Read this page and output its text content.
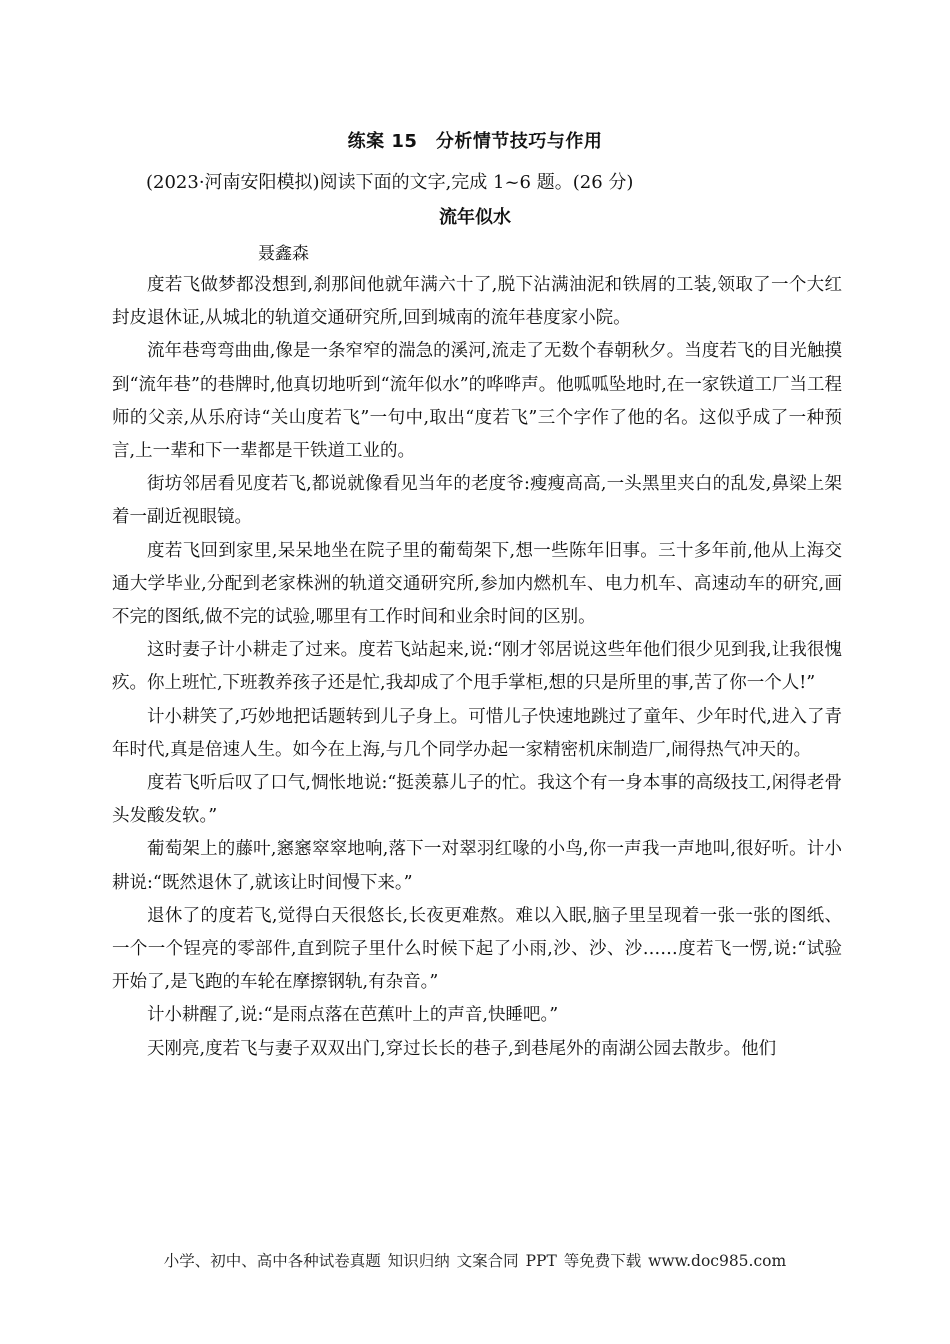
练案 15　分析情节技巧与作用
(2023·河南安阳模拟)阅读下面的文字,完成 1~6 题。(26 分)
流年似水
聂鑫森

度若飞做梦都没想到,刹那间他就年满六十了,脱下沾满油泥和铁屑的工装,领取了一个大红封皮退休证,从城北的轨道交通研究所,回到城南的流年巷度家小院。

流年巷弯弯曲曲,像是一条窄窄的湍急的溪河,流走了无数个春朝秋夕。当度若飞的目光触摸到“流年巷”的巷牌时,他真切地听到“流年似水”的哗哗声。他呱呱坠地时,在一家铁道工厂当工程师的父亲,从乐府诗“关山度若飞”一句中,取出“度若飞”三个字作了他的名。这似乎成了一种预言,上一辈和下一辈都是干铁道工业的。

街坊邻居看见度若飞,都说就像看见当年的老度爷:瘦瘦高高,一头黑里夹白的乱发,鼻梁上架着一副近视眼镜。

度若飞回到家里,呆呆地坐在院子里的葡萄架下,想一些陈年旧事。三十多年前,他从上海交通大学毕业,分配到老家株洲的轨道交通研究所,参加内燃机车、电力机车、高速动车的研究,画不完的图纸,做不完的试验,哪里有工作时间和业余时间的区别。

这时妻子计小耕走了过来。度若飞站起来,说:“刚才邻居说这些年他们很少见到我,让我很愧疚。你上班忙,下班教养孩子还是忙,我却成了个甩手掌柜,想的只是所里的事,苦了你一个人!”

计小耕笑了,巧妙地把话题转到儿子身上。可惜儿子快速地跳过了童年、少年时代,进入了青年时代,真是倍速人生。如今在上海,与几个同学办起一家精密机床制造厂,闹得热气冲天的。

度若飞听后叹了口气,惆怅地说:“挺羡慕儿子的忙。我这个有一身本事的高级技工,闲得老骨头发酸发软。”

葡萄架上的藤叶,窸窸窣窣地响,落下一对翠羽红喙的小鸟,你一声我一声地叫,很好听。计小耕说:“既然退休了,就该让时间慢下来。”

退休了的度若飞,觉得白天很悠长,长夜更难熬。难以入眠,脑子里呈现着一张一张的图纸、一个一个锃亮的零部件,直到院子里什么时候下起了小雨,沙、沙、沙……度若飞一愣,说:“试验开始了,是飞跑的车轮在摩擦钢轨,有杂音。”

计小耕醒了,说:“是雨点落在芭蕉叶上的声音,快睡吧。”

天刚亮,度若飞与妻子双双出门,穿过长长的巷子,到巷尾外的南湖公园去散步。他们

小学、初中、高中各种试卷真题 知识归纳 文案合同 PPT 等免费下载 www.doc985.com
